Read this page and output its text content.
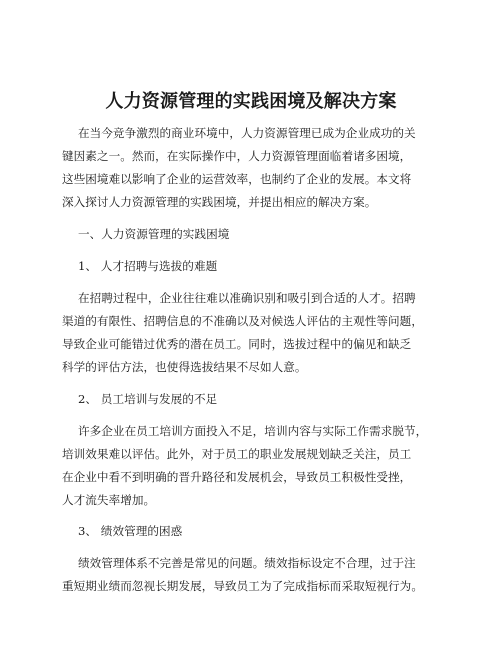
人力资源管理的实践困境及解决方案
在当今竞争激烈的商业环境中，人力资源管理已成为企业成功的关
键因素之一。然而，在实际操作中，人力资源管理面临着诸多困境，
这些困境难以影响了企业的运营效率，也制约了企业的发展。本文将
深入探讨人力资源管理的实践困境，并提出相应的解决方案。
一、人力资源管理的实践困境
1、 人才招聘与选拔的难题
在招聘过程中，企业往往难以准确识别和吸引到合适的人才。招聘
渠道的有限性、招聘信息的不准确以及对候选人评估的主观性等问题，
导致企业可能错过优秀的潜在员工。同时，选拔过程中的偏见和缺乏
科学的评估方法，也使得选拔结果不尽如人意。
2、 员工培训与发展的不足
许多企业在员工培训方面投入不足，培训内容与实际工作需求脱节，
培训效果难以评估。此外，对于员工的职业发展规划缺乏关注，员工
在企业中看不到明确的晋升路径和发展机会，导致员工积极性受挫，
人才流失率增加。
3、 绩效管理的困惑
绩效管理体系不完善是常见的问题。绩效指标设定不合理，过于注
重短期业绩而忽视长期发展，导致员工为了完成指标而采取短视行为。
